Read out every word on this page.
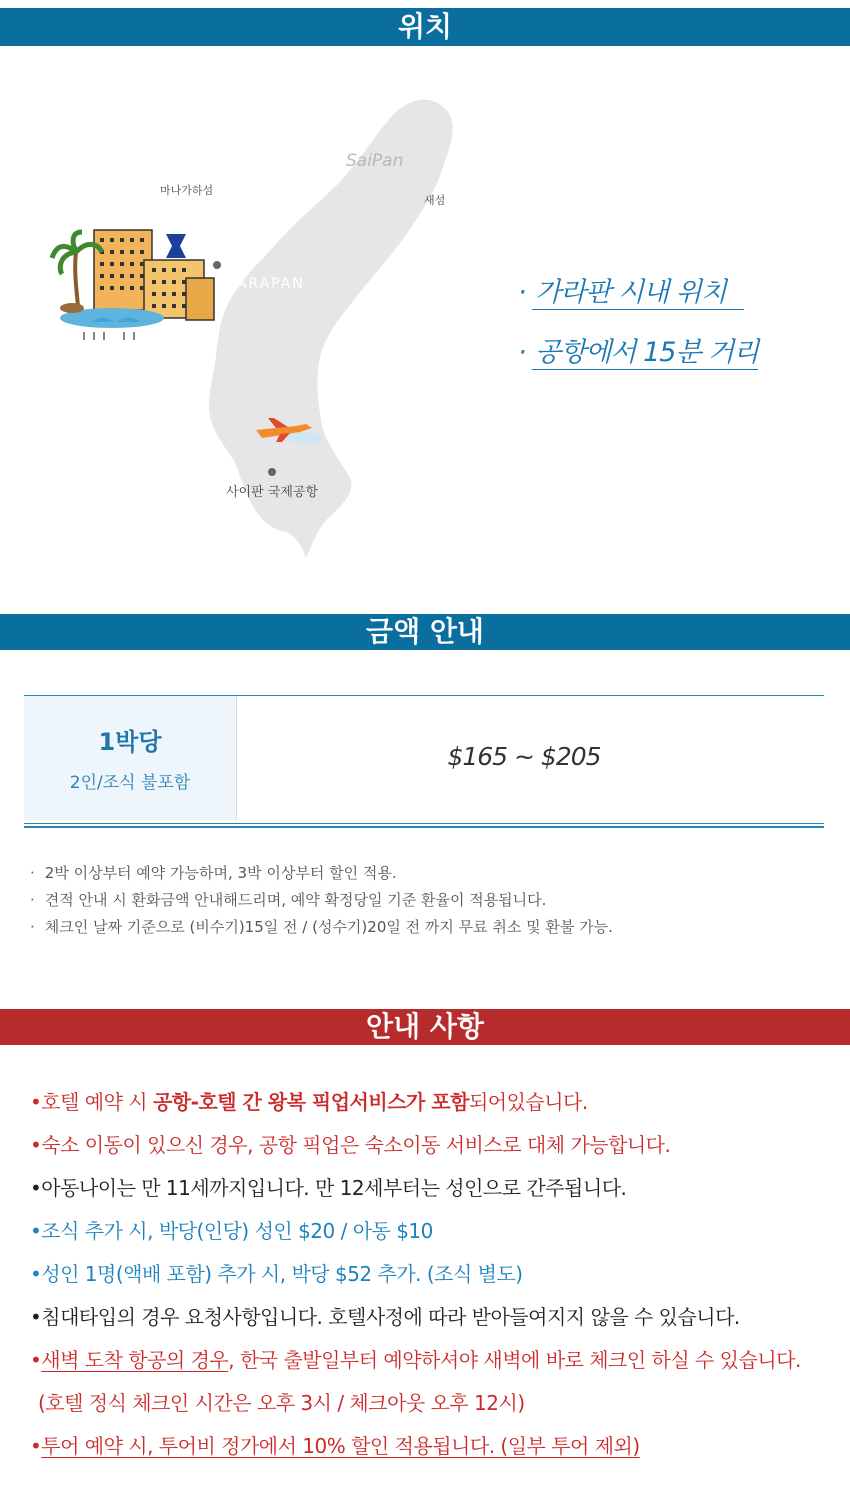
위치
SaiPan
GARAPAN
마나가하섬
새섬
사이판 국제공항
· 가라판 시내 위치
· 공항에서 15분 거리
금액 안내
1박당
2인/조식 불포함
$165 ~ $205
· 2박 이상부터 예약 가능하며, 3박 이상부터 할인 적용.
· 견적 안내 시 환화금액 안내해드리며, 예약 확정당일 기준 환율이 적용됩니다.
· 체크인 날짜 기준으로 (비수기)15일 전 / (성수기)20일 전 까지 무료 취소 및 환불 가능.
안내 사항
•호텔 예약 시 공항-호텔 간 왕복 픽업서비스가 포함되어있습니다.
•숙소 이동이 있으신 경우, 공항 픽업은 숙소이동 서비스로 대체 가능합니다.
•아동나이는 만 11세까지입니다. 만 12세부터는 성인으로 간주됩니다.
•조식 추가 시, 박당(인당) 성인 $20 / 아동 $10
•성인 1명(액배 포함) 추가 시, 박당 $52 추가. (조식 별도)
•침대타입의 경우 요청사항입니다. 호텔사정에 따라 받아들여지지 않을 수 있습니다.
•새벽 도착 항공의 경우, 한국 출발일부터 예약하셔야 새벽에 바로 체크인 하실 수 있습니다.
(호텔 정식 체크인 시간은 오후 3시 / 체크아웃 오후 12시)
•투어 예약 시, 투어비 정가에서 10% 할인 적용됩니다. (일부 투어 제외)
